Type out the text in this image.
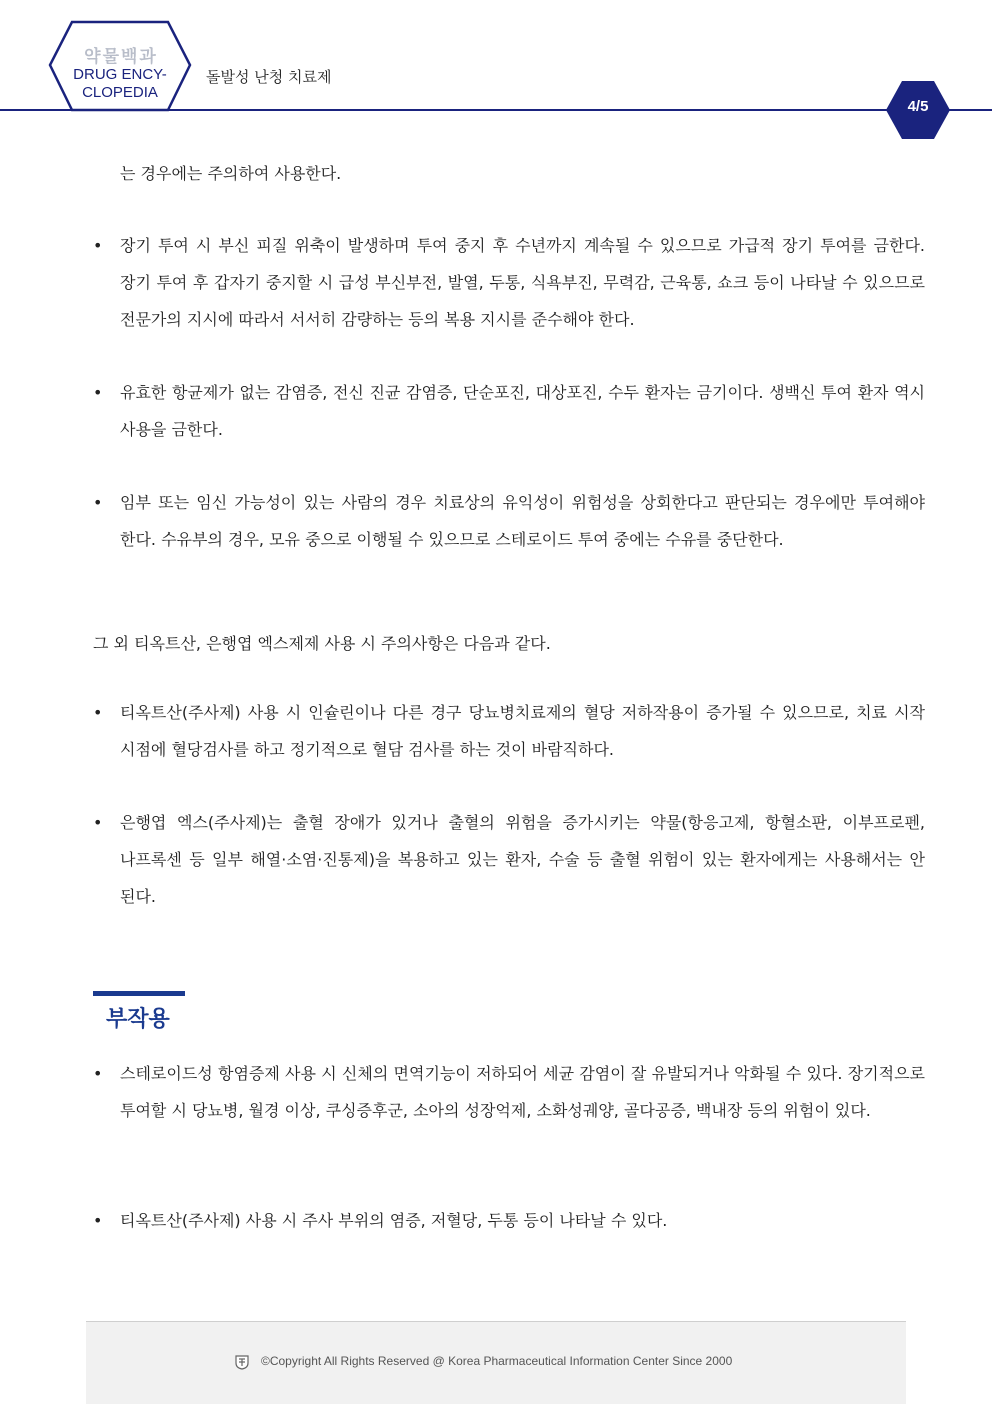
약물백과
DRUG ENCY-
CLOPEDIA
돌발성 난청 치료제
4/5

는 경우에는 주의하여 사용한다.

•	장기 투여 시 부신 피질 위축이 발생하며 투여 중지 후 수년까지 계속될 수 있으므로 가급적 장기 투여를 금한다. 장기 투여 후 갑자기 중지할 시 급성 부신부전, 발열, 두통, 식욕부진, 무력감, 근육통, 쇼크 등이 나타날 수 있으므로 전문가의 지시에 따라서 서서히 감량하는 등의 복용 지시를 준수해야 한다.
•	유효한 항균제가 없는 감염증, 전신 진균 감염증, 단순포진, 대상포진, 수두 환자는 금기이다. 생백신 투여 환자 역시 사용을 금한다.
•	임부 또는 임신 가능성이 있는 사람의 경우 치료상의 유익성이 위험성을 상회한다고 판단되는 경우에만 투여해야 한다. 수유부의 경우, 모유 중으로 이행될 수 있으므로 스테로이드 투여 중에는 수유를 중단한다.

그 외 티옥트산, 은행엽 엑스제제 사용 시 주의사항은 다음과 같다.

•	티옥트산(주사제) 사용 시 인슐린이나 다른 경구 당뇨병치료제의 혈당 저하작용이 증가될 수 있으므로, 치료 시작 시점에 혈당검사를 하고 정기적으로 혈담 검사를 하는 것이 바람직하다.
•	은행엽 엑스(주사제)는 출혈 장애가 있거나 출혈의 위험을 증가시키는 약물(항응고제, 항혈소판, 이부프로펜, 나프록센 등 일부 해열·소염·진통제)을 복용하고 있는 환자, 수술 등 출혈 위험이 있는 환자에게는 사용해서는 안 된다.
부작용
•	스테로이드성 항염증제 사용 시 신체의 면역기능이 저하되어 세균 감염이 잘 유발되거나 악화될 수 있다. 장기적으로 투여할 시 당뇨병, 월경 이상, 쿠싱증후군, 소아의 성장억제, 소화성궤양, 골다공증, 백내장 등의 위험이 있다.
•	티옥트산(주사제) 사용 시 주사 부위의 염증, 저혈당, 두통 등이 나타날 수 있다.
©Copyright All Rights Reserved @ Korea Pharmaceutical Information Center Since 2000
